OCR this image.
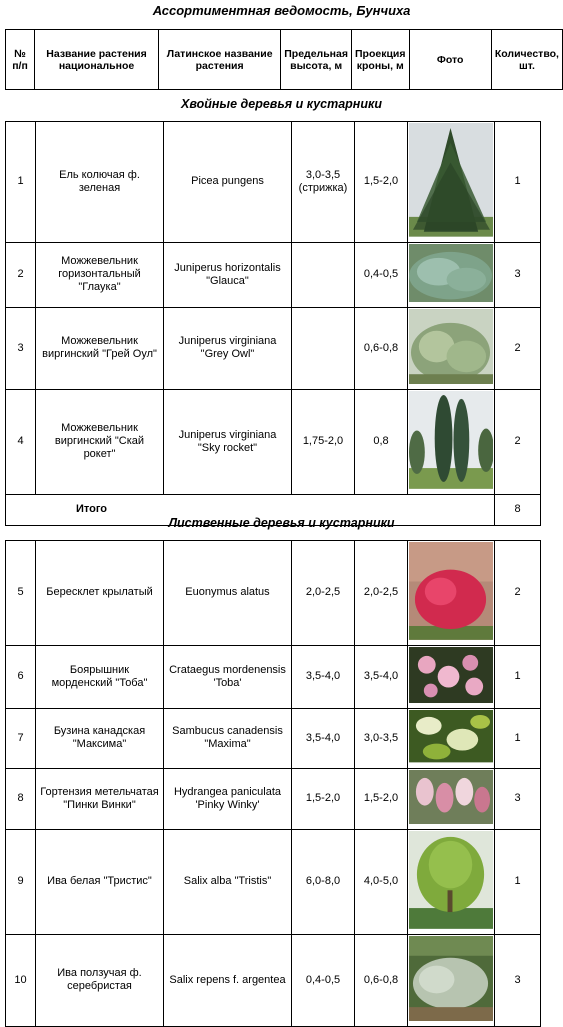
Ассортиментная ведомость, Бунчиха
№ п/п	Название растения национальное	Латинское название растения	Предельная высота, м	Проекция кроны, м	Фото	Количество, шт.
Хвойные деревья и кустарники
1	Ель колючая ф. зеленая	Picea pungens	3,0-3,5 (стрижка)	1,5-2,0		1
2	Можжевельник горизонтальный "Глаука"	Juniperus horizontalis "Glauca"		0,4-0,5		3
3	Можжевельник виргинский "Грей Оул"	Juniperus virginiana "Grey Owl"		0,6-0,8		2
4	Можжевельник виргинский "Скай рокет"	Juniperus virginiana "Sky rocket"	1,75-2,0	0,8		2
Итого						8
Лиственные деревья и кустарники
5	Бересклет крылатый	Euonymus alatus	2,0-2,5	2,0-2,5		2
6	Боярышник морденский "Тоба"	Crataegus mordenensis 'Toba'	3,5-4,0	3,5-4,0		1
7	Бузина канадская "Максима"	Sambucus canadensis "Maxima"	3,5-4,0	3,0-3,5		1
8	Гортензия метельчатая "Пинки Винки"	Hydrangea paniculata 'Pinky Winky'	1,5-2,0	1,5-2,0		3
9	Ива белая "Тристис"	Salix alba "Tristis"	6,0-8,0	4,0-5,0		1
10	Ива ползучая ф. серебристая	Salix repens f. argentea	0,4-0,5	0,6-0,8		3
